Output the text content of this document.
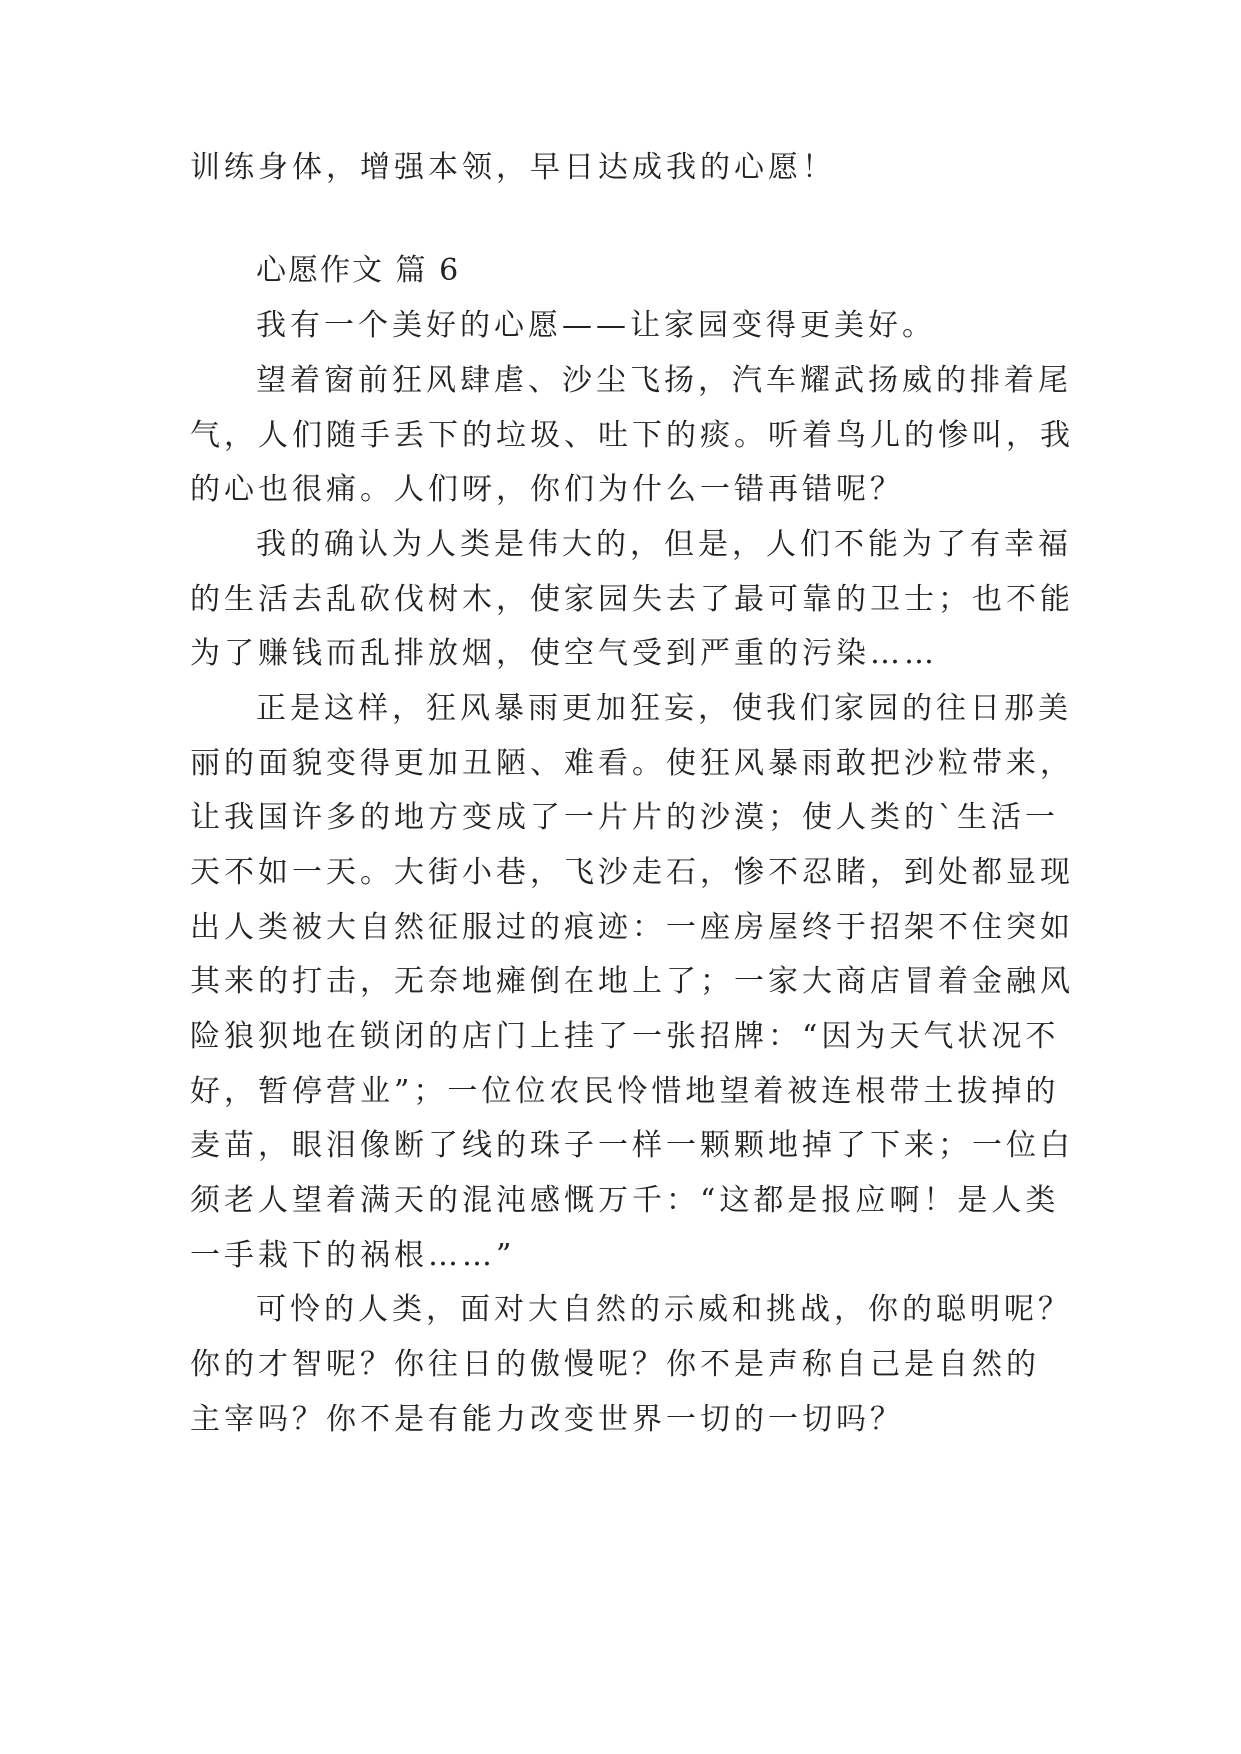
训练身体，增强本领，早日达成我的心愿！
心愿作文 篇 6
我有一个美好的心愿——让家园变得更美好。
望着窗前狂风肆虐、沙尘飞扬，汽车耀武扬威的排着尾
气，人们随手丢下的垃圾、吐下的痰。听着鸟儿的惨叫，我
的心也很痛。人们呀，你们为什么一错再错呢？
我的确认为人类是伟大的，但是，人们不能为了有幸福
的生活去乱砍伐树木，使家园失去了最可靠的卫士；也不能
为了赚钱而乱排放烟，使空气受到严重的污染……
正是这样，狂风暴雨更加狂妄，使我们家园的往日那美
丽的面貌变得更加丑陋、难看。使狂风暴雨敢把沙粒带来，
让我国许多的地方变成了一片片的沙漠；使人类的`生活一
天不如一天。大街小巷，飞沙走石，惨不忍睹，到处都显现
出人类被大自然征服过的痕迹：一座房屋终于招架不住突如
其来的打击，无奈地瘫倒在地上了；一家大商店冒着金融风
险狼狈地在锁闭的店门上挂了一张招牌：“因为天气状况不
好，暂停营业”；一位位农民怜惜地望着被连根带土拔掉的
麦苗，眼泪像断了线的珠子一样一颗颗地掉了下来；一位白
须老人望着满天的混沌感慨万千：“这都是报应啊！是人类
一手栽下的祸根……”
可怜的人类，面对大自然的示威和挑战，你的聪明呢？
你的才智呢？你往日的傲慢呢？你不是声称自己是自然的
主宰吗？你不是有能力改变世界一切的一切吗？
